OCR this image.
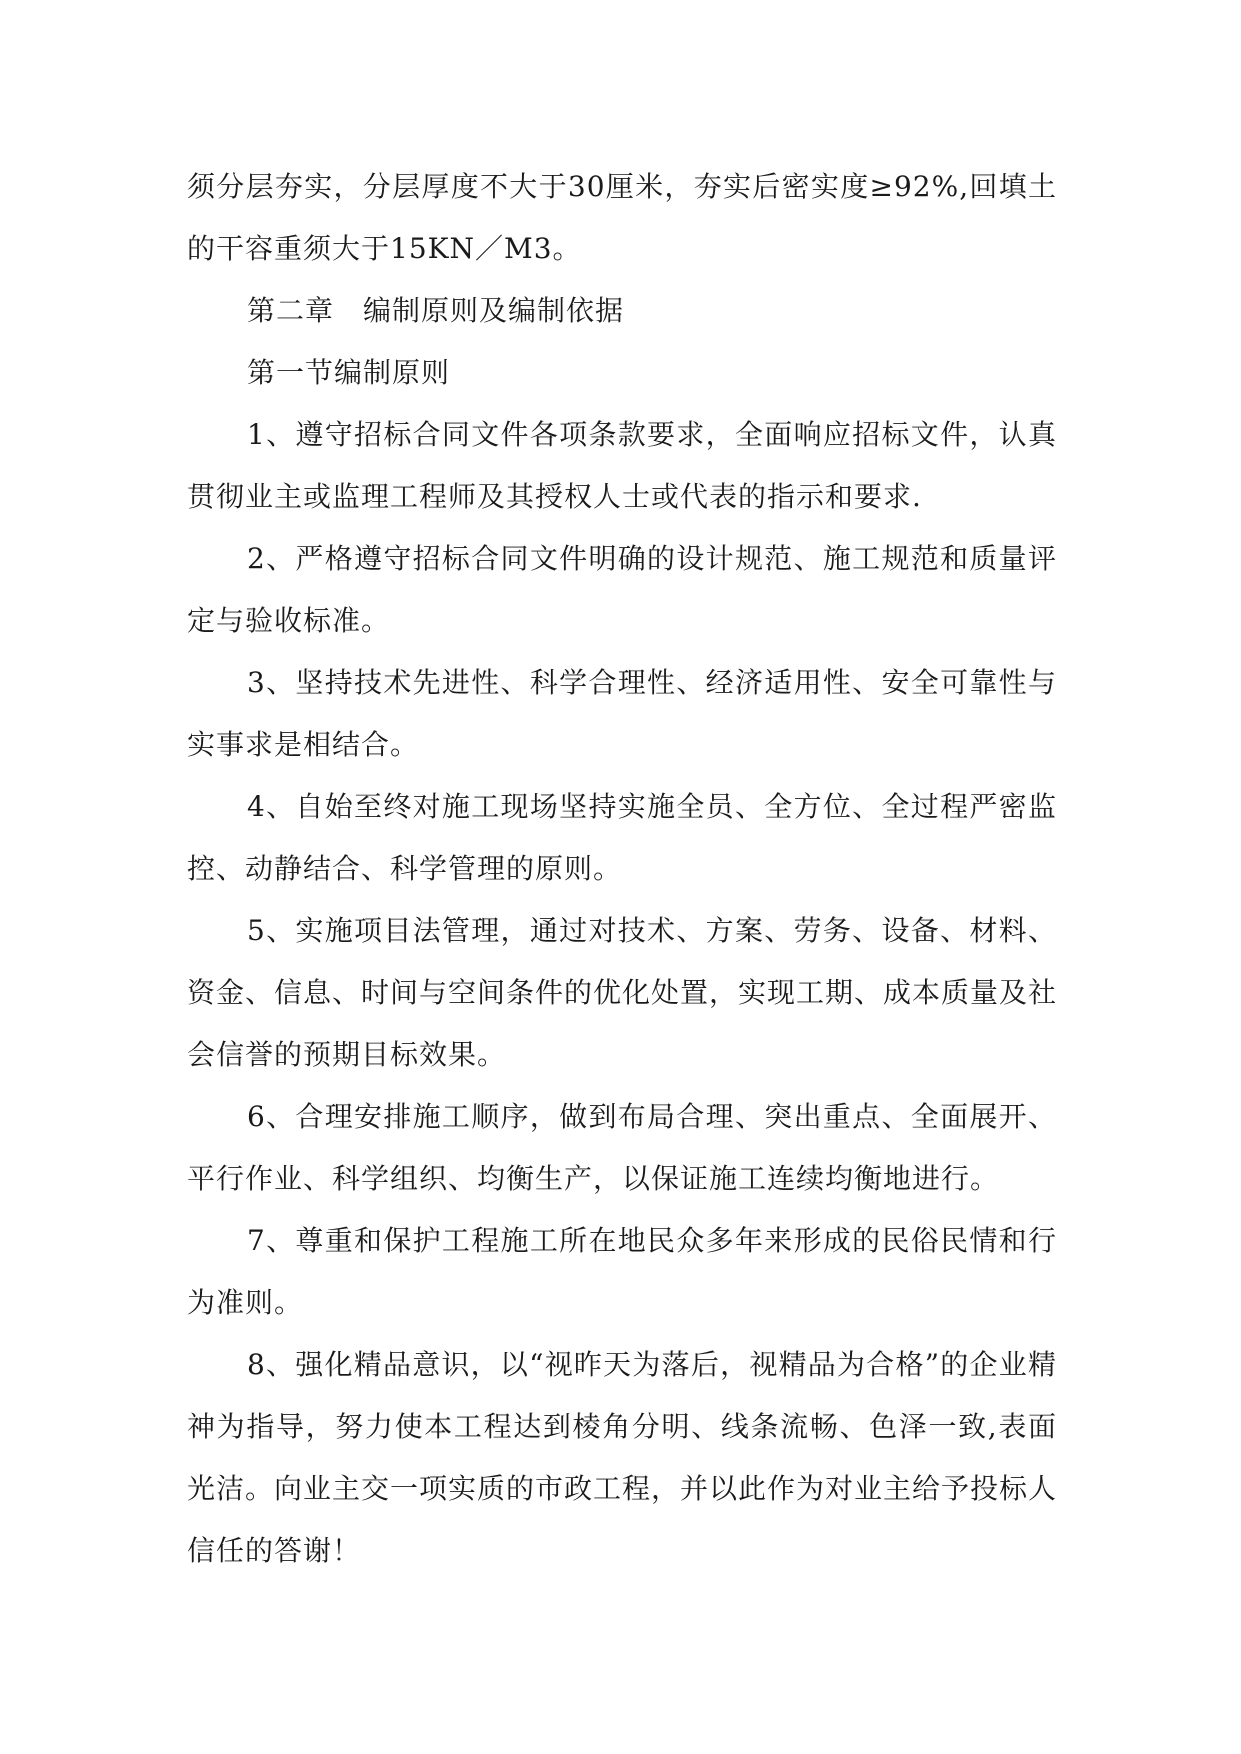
须分层夯实，分层厚度不大于30厘米，夯实后密实度≥92%,回填土的干容重须大于15KN／M3。

第二章　编制原则及编制依据

第一节编制原则

1、遵守招标合同文件各项条款要求，全面响应招标文件，认真贯彻业主或监理工程师及其授权人士或代表的指示和要求.

2、严格遵守招标合同文件明确的设计规范、施工规范和质量评定与验收标准。

3、坚持技术先进性、科学合理性、经济适用性、安全可靠性与实事求是相结合。

4、自始至终对施工现场坚持实施全员、全方位、全过程严密监控、动静结合、科学管理的原则。

5、实施项目法管理，通过对技术、方案、劳务、设备、材料、资金、信息、时间与空间条件的优化处置，实现工期、成本质量及社会信誉的预期目标效果。

6、合理安排施工顺序，做到布局合理、突出重点、全面展开、平行作业、科学组织、均衡生产，以保证施工连续均衡地进行。

7、尊重和保护工程施工所在地民众多年来形成的民俗民情和行为准则。

8、强化精品意识，以“视昨天为落后，视精品为合格”的企业精神为指导，努力使本工程达到棱角分明、线条流畅、色泽一致,表面光洁。向业主交一项实质的市政工程，并以此作为对业主给予投标人信任的答谢！
